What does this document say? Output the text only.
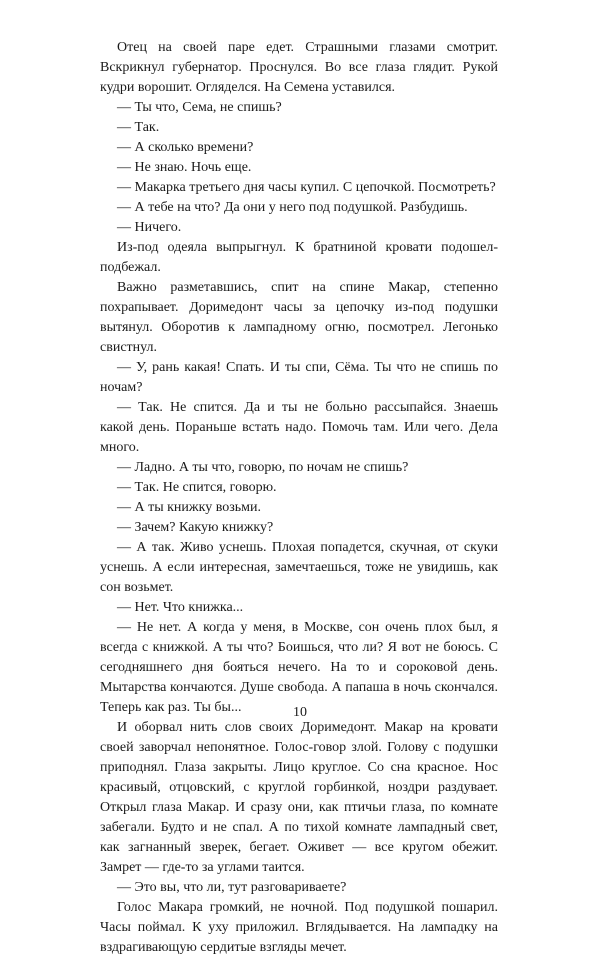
Отец на своей паре едет. Страшными глазами смотрит. Вскрикнул губернатор. Проснулся. Во все глаза глядит. Рукой кудри ворошит. Огляделся. На Семена уставился.

— Ты что, Сема, не спишь?

— Так.

— А сколько времени?

— Не знаю. Ночь еще.

— Макарка третьего дня часы купил. С цепочкой. Посмотреть?

— А тебе на что? Да они у него под подушкой. Разбудишь.

— Ничего.

Из-под одеяла выпрыгнул. К братниной кровати подошел-подбежал.

Важно разметавшись, спит на спине Макар, степенно похрапывает. Доримедонт часы за цепочку из-под подушки вытянул. Оборотив к лампадному огню, посмотрел. Легонько свистнул.

— У, рань какая! Спать. И ты спи, Сёма. Ты что не спишь по ночам?

— Так. Не спится. Да и ты не больно рассыпайся. Знаешь какой день. Пораньше встать надо. Помочь там. Или чего. Дела много.

— Ладно. А ты что, говорю, по ночам не спишь?

— Так. Не спится, говорю.

— А ты книжку возьми.

— Зачем? Какую книжку?

— А так. Живо уснешь. Плохая попадется, скучная, от скуки уснешь. А если интересная, замечтаешься, тоже не увидишь, как сон возьмет.

— Нет. Что книжка...

— Не нет. А когда у меня, в Москве, сон очень плох был, я всегда с книжкой. А ты что? Боишься, что ли? Я вот не боюсь. С сегодняшнего дня бояться нечего. На то и сороковой день. Мытарства кончаются. Душе свобода. А папаша в ночь скончался. Теперь как раз. Ты бы...

И оборвал нить слов своих Доримедонт. Макар на кровати своей заворчал непонятное. Голос-говор злой. Голову с подушки приподнял. Глаза закрыты. Лицо круглое. Со сна красное. Нос красивый, отцовский, с круглой горбинкой, ноздри раздувает. Открыл глаза Макар. И сразу они, как птичьи глаза, по комнате забегали. Будто и не спал. А по тихой комнате лампадный свет, как загнанный зверек, бегает. Оживет — все кругом обежит. Замрет — где-то за углами таится.

— Это вы, что ли, тут разговариваете?

Голос Макара громкий, не ночной. Под подушкой пошарил. Часы поймал. К уху приложил. Вглядывается. На лампадку на вздрагивающую сердитые взгляды мечет.

10
